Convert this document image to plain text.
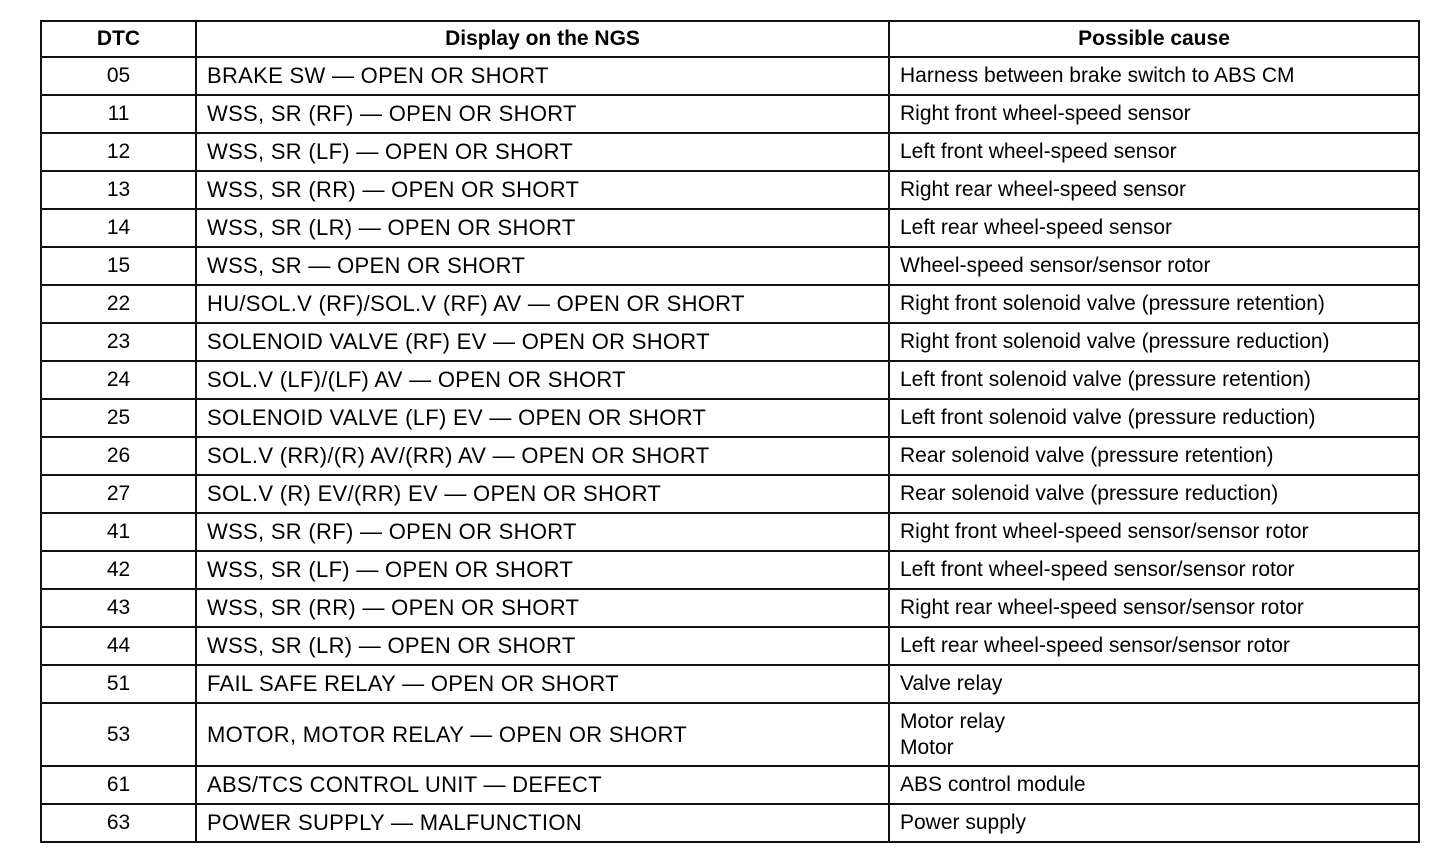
DTC	Display on the NGS	Possible cause
05	BRAKE SW — OPEN OR SHORT	Harness between brake switch to ABS CM

11	WSS, SR (RF) — OPEN OR SHORT	Right front wheel-speed sensor

12	WSS, SR (LF) — OPEN OR SHORT	Left front wheel-speed sensor

13	WSS, SR (RR) — OPEN OR SHORT	Right rear wheel-speed sensor

14	WSS, SR (LR) — OPEN OR SHORT	Left rear wheel-speed sensor

15	WSS, SR — OPEN OR SHORT	Wheel-speed sensor/sensor rotor

22	HU/SOL.V (RF)/SOL.V (RF) AV — OPEN OR SHORT	Right front solenoid valve (pressure retention)

23	SOLENOID VALVE (RF) EV — OPEN OR SHORT	Right front solenoid valve (pressure reduction)

24	SOL.V (LF)/(LF) AV — OPEN OR SHORT	Left front solenoid valve (pressure retention)

25	SOLENOID VALVE (LF) EV — OPEN OR SHORT	Left front solenoid valve (pressure reduction)

26	SOL.V (RR)/(R) AV/(RR) AV — OPEN OR SHORT	Rear solenoid valve (pressure retention)

27	SOL.V (R) EV/(RR) EV — OPEN OR SHORT	Rear solenoid valve (pressure reduction)

41	WSS, SR (RF) — OPEN OR SHORT	Right front wheel-speed sensor/sensor rotor

42	WSS, SR (LF) — OPEN OR SHORT	Left front wheel-speed sensor/sensor rotor

43	WSS, SR (RR) — OPEN OR SHORT	Right rear wheel-speed sensor/sensor rotor

44	WSS, SR (LR) — OPEN OR SHORT	Left rear wheel-speed sensor/sensor rotor

51	FAIL SAFE RELAY — OPEN OR SHORT	Valve relay

53	MOTOR, MOTOR RELAY — OPEN OR SHORT	Motor relay
Motor

61	ABS/TCS CONTROL UNIT — DEFECT	ABS control module

63	POWER SUPPLY — MALFUNCTION	Power supply
